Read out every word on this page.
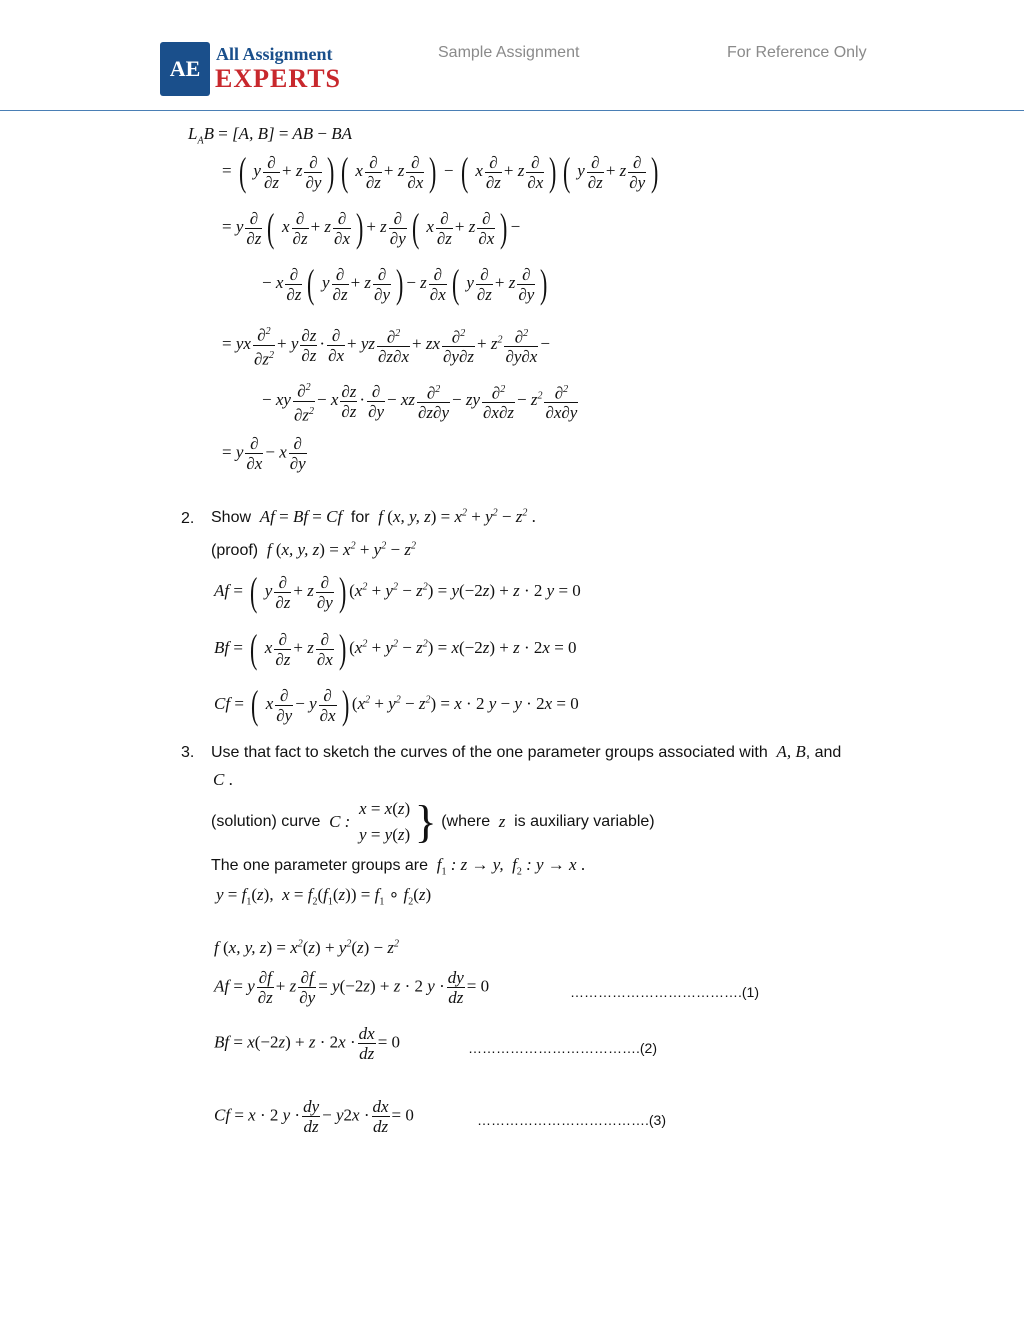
AE
All Assignment
EXPERTS
Sample Assignment	For Reference Only
$L_AB = [A$, B] = AB − BA
= ( y $\frac{\partial}{\partial z} + z \frac{\partial}{\partial y}$ ) ( x $\frac{\partial}{\partial z} + z \frac{\partial}{\partial x}$ ) − ( x $\frac{\partial}{\partial z} + z \frac{\partial}{\partial x}$ ) ( y $\frac{\partial}{\partial z} + z \frac{\partial}{\partial y}$ )
= y $\frac{\partial}{\partial z}$ ( x $\frac{\partial}{\partial z} + z \frac{\partial}{\partial x}$ ) + z $\frac{\partial}{\partial y}$ ( x $\frac{\partial}{\partial z} + z \frac{\partial}{\partial x}$ ) −
− x $\frac{\partial}{\partial z}$ ( y $\frac{\partial}{\partial z} + z \frac{\partial}{\partial y}$ ) − z $\frac{\partial}{\partial x}$ ( y $\frac{\partial}{\partial z} + z \frac{\partial}{\partial y}$ )
= yx $\frac{\partial^2}{\partial z^2} + y \frac{\partial z}{\partial z} \cdot \frac{\partial}{\partial x}$ + yz $\frac{\partial^2}{\partial z\partial x}$ + zx $\frac{\partial^2}{\partial y\partial z} + z^2 \frac{\partial^2}{\partial y\partial x}$ −
− xy $\frac{\partial^2}{\partial z^2} - x \frac{\partial z}{\partial z} \cdot \frac{\partial}{\partial y}$ − xz $\frac{\partial^2}{\partial z\partial y}$ − zy $\frac{\partial^2}{\partial x\partial z} - z^2 \frac{\partial^2}{\partial x\partial y}$
= y $\frac{\partial}{\partial x} - x \frac{\partial}{\partial y}$
2. Show  Af = Bf = Cf  for  f (x, y, $z) = x^2 + y^2 - z^2$ .
(proof)  f (x, y, $z) = x^2 + y^2 - z^2$
Af = ( y $\frac{\partial}{\partial z} + z \frac{\partial}{\partial y}$ ) $(x^2 + y^2 - z^2) = y(-2z) + z \cdot 2$ y = 0
Bf = ( x $\frac{\partial}{\partial z} + z \frac{\partial}{\partial x}$ ) $(x^2 + y^2 - z^2) = x(-2z) + z \cdot 2x = 0$
Cf = ( x $\frac{\partial}{\partial y} - y \frac{\partial}{\partial x}$ ) $(x^2 + y^2 - z^2) = x \cdot 2$ y − y · 2x = 0
3. Use that fact to sketch the curves of the one parameter groups associated with  A, B, and
C .
(solution) curve  C :
x = x(z)
y = y(z) } (where  z  is auxiliary variable)
The one parameter groups are  $f_1$ : z → y,  $f_2$ : y → x .
$y = f_1(z)$,  $x = f_2(f_1(z)) = f_1$ ∘ $f_2(z)$
f (x, y, $z) = x^2(z) + y^2(z) - z^2$
Af = y $\frac{\partial f}{\partial z} + z \frac{\partial f}{\partial y} = y(-2z) + z \cdot 2$ $y \cdot \frac{dy}{dz} = 0$	……………………………….(1)
$Bf = x(-2z) + z \cdot 2x \cdot \frac{dx}{dz} = 0$	……………………………….(2)
Cf = x · 2 $y \cdot \frac{dy}{dz} - y2x \cdot \frac{dx}{dz} = 0$	……………………………….(3)
